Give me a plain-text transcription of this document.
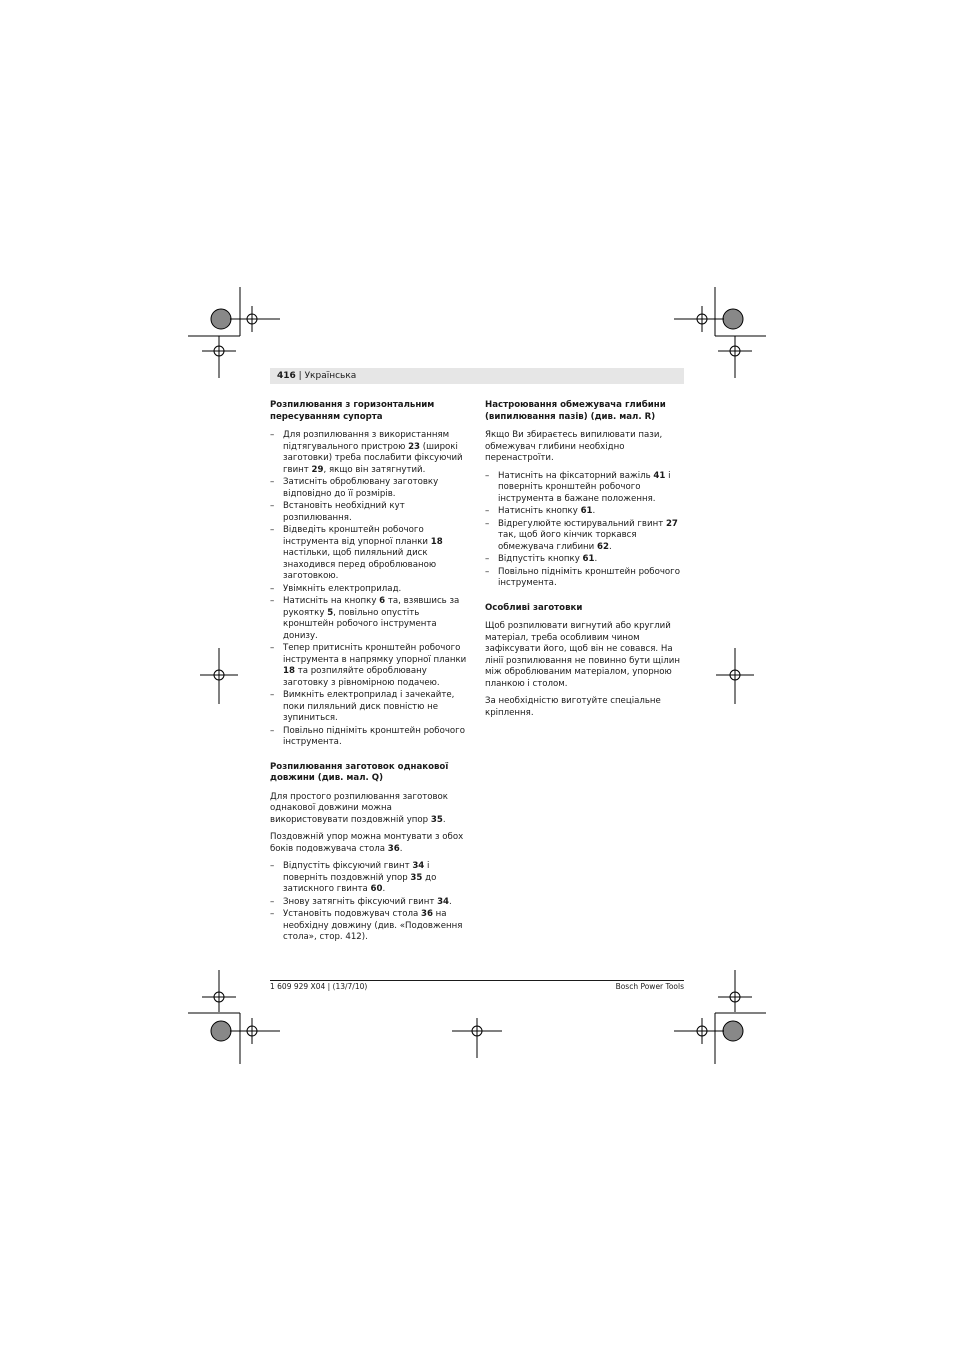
416 | Українська
Розпилювання з горизонтальним пересуванням супорта
– Для розпилювання з використанням підтягувального пристрою 23 (широкі заготовки) треба послабити фіксуючий гвинт 29, якщо він затягнутий.
– Затисніть оброблювану заготовку відповідно до її розмірів.
– Встановіть необхідний кут розпилювання.
– Відведіть кронштейн робочого інструмента від упорної планки 18 настільки, щоб пиляльний диск знаходився перед оброблюваною заготовкою.
– Увімкніть електроприлад.
– Натисніть на кнопку 6 та, взявшись за рукоятку 5, повільно опустіть кронштейн робочого інструмента донизу.
– Тепер притисніть кронштейн робочого інструмента в напрямку упорної планки 18 та розпиляйте оброблювану заготовку з рівномірною подачею.
– Вимкніть електроприлад і зачекайте, поки пиляльний диск повністю не зупиниться.
– Повільно підніміть кронштейн робочого інструмента.
Розпилювання заготовок однакової довжини (див. мал. Q)

Для простого розпилювання заготовок однакової довжини можна використовувати поздовжній упор 35.

Поздовжній упор можна монтувати з обох боків подовжувача стола 36.

– Відпустіть фіксуючий гвинт 34 і поверніть поздовжній упор 35 до затискного гвинта 60.
– Знову затягніть фіксуючий гвинт 34.
– Установіть подовжувач стола 36 на необхідну довжину (див. «Подовження стола», стор. 412).
Настроювання обмежувача глибини (випилювання пазів) (див. мал. R)

Якщо Ви збираєтесь випилювати пази, обмежувач глибини необхідно перенастроїти.

– Натисніть на фіксаторний важіль 41 і поверніть кронштейн робочого інструмента в бажане положення.
– Натисніть кнопку 61.
– Відрегулюйте юстирувальний гвинт 27 так, щоб його кінчик торкався обмежувача глибини 62.
– Відпустіть кнопку 61.
– Повільно підніміть кронштейн робочого інструмента.
Особливі заготовки

Щоб розпилювати вигнутий або круглий матеріал, треба особливим чином зафіксувати його, щоб він не совався. На лінії розпилювання не повинно бути щілин між оброблюваним матеріалом, упорною планкою і столом.

За необхідністю виготуйте спеціальне кріплення.

1 609 929 X04 | (13/7/10)	Bosch Power Tools
